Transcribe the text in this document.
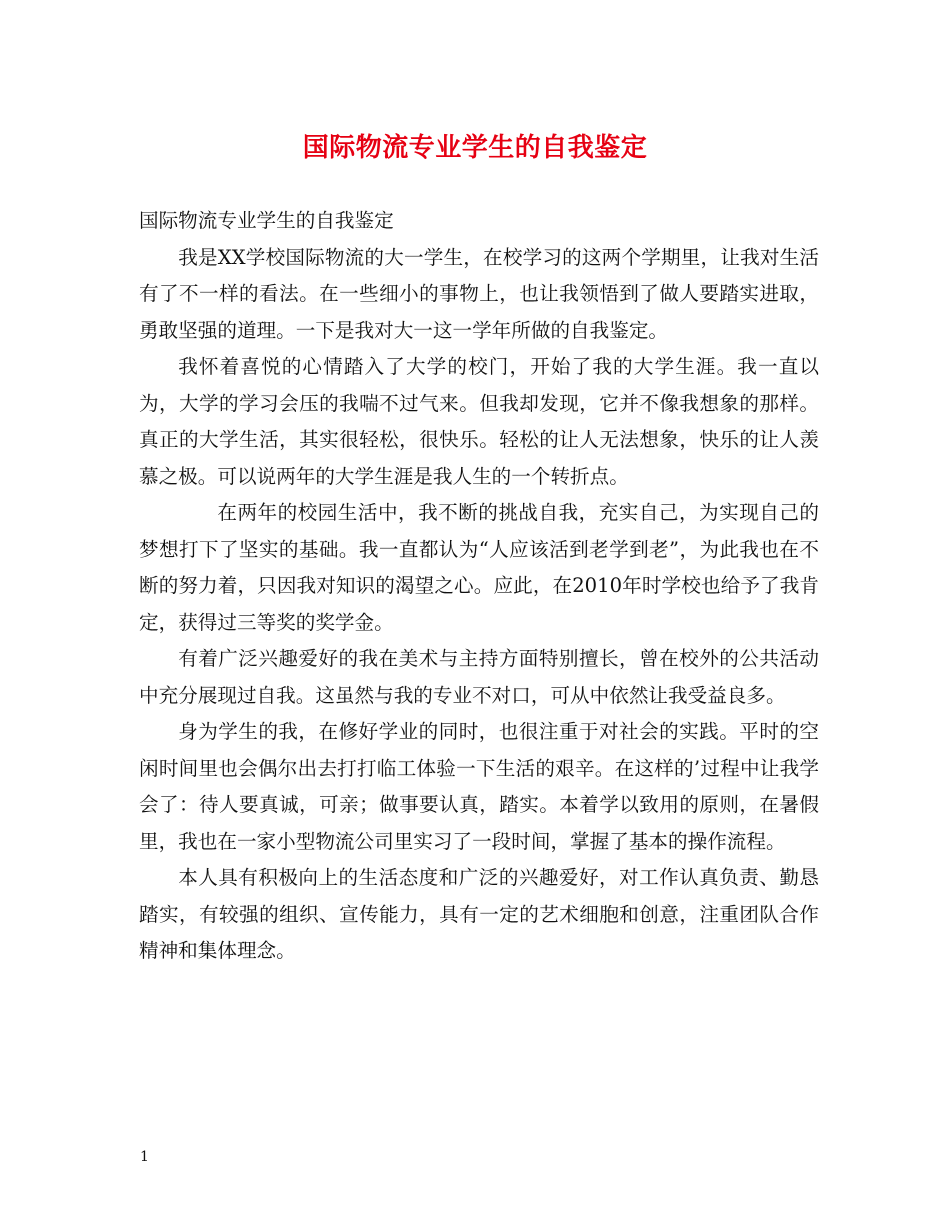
国际物流专业学生的自我鉴定

国际物流专业学生的自我鉴定

我是XX学校国际物流的大一学生，在校学习的这两个学期里，让我对生活有了不一样的看法。在一些细小的事物上，也让我领悟到了做人要踏实进取，勇敢坚强的道理。一下是我对大一这一学年所做的自我鉴定。

我怀着喜悦的心情踏入了大学的校门，开始了我的大学生涯。我一直以为，大学的学习会压的我喘不过气来。但我却发现，它并不像我想象的那样。真正的大学生活，其实很轻松，很快乐。轻松的让人无法想象，快乐的让人羡慕之极。可以说两年的大学生涯是我人生的一个转折点。

在两年的校园生活中，我不断的挑战自我，充实自己，为实现自己的梦想打下了坚实的基础。我一直都认为“人应该活到老学到老”，为此我也在不断的努力着，只因我对知识的渴望之心。应此，在2010年时学校也给予了我肯定，获得过三等奖的奖学金。

有着广泛兴趣爱好的我在美术与主持方面特别擅长，曾在校外的公共活动中充分展现过自我。这虽然与我的专业不对口，可从中依然让我受益良多。

身为学生的我，在修好学业的同时，也很注重于对社会的实践。平时的空闲时间里也会偶尔出去打打临工体验一下生活的艰辛。在这样的’过程中让我学会了：待人要真诚，可亲；做事要认真，踏实。本着学以致用的原则，在暑假里，我也在一家小型物流公司里实习了一段时间，掌握了基本的操作流程。

本人具有积极向上的生活态度和广泛的兴趣爱好，对工作认真负责、勤恳踏实，有较强的组织、宣传能力，具有一定的艺术细胞和创意，注重团队合作精神和集体理念。

1
